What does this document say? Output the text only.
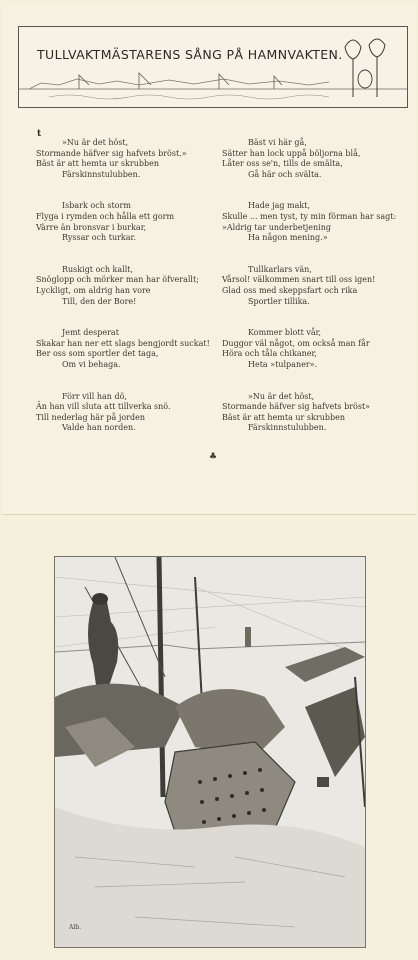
TULLVAKTMÄSTARENS SÅNG PÅ HAMNVAKTEN.
t
»Nu är det höst,
Stormande häfver sig hafvets bröst.»
Bäst är att hemta ur skrubben
Färskinnstulubben.
Isbark och storm
Flyga i rymden och hålla ett gorm
Värre än bronsvar i burkar,
Ryssar och turkar.
Ruskigt och kallt,
Snöglopp och mörker man har öfverallt;
Lyckligt, om aldrig han vore
Till, den der Bore!
Jemt desperat
Skakar han ner ett slags bengjordt suckat!
Ber oss som sportler det taga,
Om vi behaga.
Förr vill han dö,
Än han vill sluta att tillverka snö.
Till nederlag här på jorden
Valde han norden.
Bäst vi här gå,
Sätter han lock uppå böljorna blå,
Låter oss se'n, tills de smälta,
Gå här och svälta.
Hade jag makt,
Skulle ... men tyst, ty min förman har sagt:
»Aldrig tar underbetjening
Ha någon mening.»
Tullkarlars vän,
Vårsol! välkommen snart till oss igen!
Glad oss med skeppsfart och rika
Sportler tillika.
Kommer blott vår,
Duggor väl något, om också man får
Höra och tåla chikaner,
Heta »tulpaner».
»Nu är det höst,
Stormande häfver sig hafvets bröst»
Bäst är att hemta ur skrubben
Färskinnstulubben.
♣
Alb.
